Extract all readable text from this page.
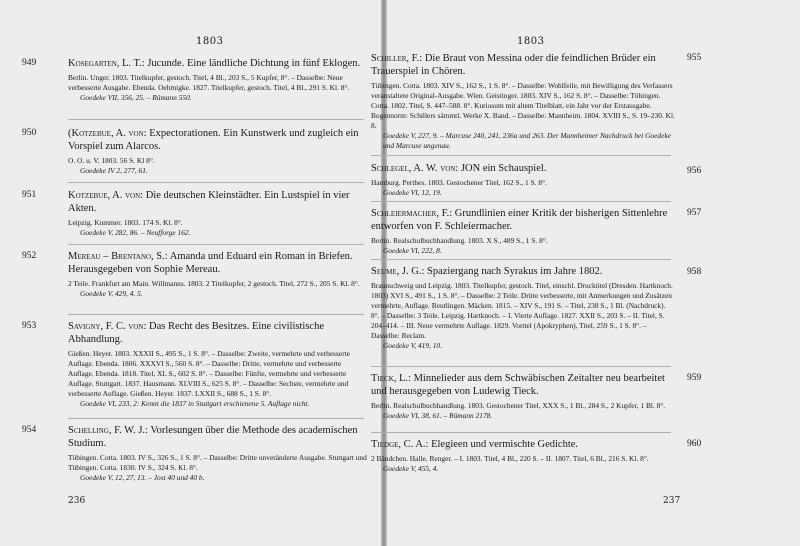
1803
949	Kosegarten, L. T.: Jucunde. Eine ländliche Dichtung in fünf Eklogen.
Berlin. Unger. 1803. Titelkupfer, gestoch. Titel, 4 Bl., 203 S., 5 Kupfer, 8°. – Dasselbe: Neue verbesserte Ausgabe. Ebenda. Oehmigke. 1827. Titelkupfer, gestoch. Titel, 4 Bl., 291 S. Kl. 8°.
Goedeke VII, 356, 25. – Rümann 550.
950	(Kotzebue, A. von: Expectorationen. Ein Kunstwerk und zugleich ein Vorspiel zum Alarcos.
O. O. u. V. 1803. 56 S. Kl 8°.
Goedeke IV 2, 277, 61.
951	Kotzebue, A. von: Die deutschen Kleinstädter. Ein Lustspiel in vier Akten.
Leipzig. Kummer. 1803. 174 S. Kl. 8°.
Goedeke V, 282, 86. – Neufforge 162.
952	Mereau – Brentano, S.: Amanda und Eduard ein Roman in Briefen. Herausgegeben von Sophie Mereau.
2 Teile. Frankfurt am Main. Willmanns. 1803. 2 Titelkupfer, 2 gestoch. Titel, 272 S., 205 S. Kl. 8°.
Goedeke V, 429, 4. 5.
953	Savigny, F. C. von: Das Recht des Besitzes. Eine civilistische Abhandlung.
Gießen. Heyer. 1803. XXXII S., 495 S., 1 S. 8°. – Dasselbe: Zweite, vermehrte und verbesserte Auflage. Ebenda. 1806. XXXVI S., 560 S. 8°. – Dasselbe: Dritte, vermehrte und verbesserte Auflage. Ebenda. 1818. Titel, XL S., 602 S. 8°. – Dasselbe: Fünfte, vermehrte und verbesserte Auflage. Stuttgart. 1837. Hausmann. XLVIII S., 625 S. 8°. – Dasselbe: Sechste, vermehrte und verbesserte Auflage. Gießen. Heyer. 1837. LXXII S., 688 S., 1 S. 8°.
Goedeke VI, 233, 2: Kennt die 1837 in Stuttgart erschienene 5. Auflage nicht.
954	Schelling, F. W. J.: Vorlesungen über die Methode des academischen Studium.
Tübingen. Cotta. 1803. IV S., 326 S., 1 S. 8°. – Dasselbe: Dritte unveränderte Ausgabe. Stuttgart und Tübingen. Cotta. 1830. IV S., 324 S. Kl. 8°.
Goedeke V, 12, 27, 13. – Jost 40 und 40 b.
236
1803
955
Schiller, F.: Die Braut von Messina oder die feindlichen Brüder ein Trauerspiel in Chören.
Tübingen. Cotta. 1803. XIV S., 162 S., 1 S. 8°. – Dasselbe: Wohlfeile, mit Bewilligung des Verfassers veranstaltete Original-Ausgabe. Wien. Geistinger. 1803. XIV S., 162 S. 8°. – Dasselbe: Tübingen. Cotta. 1802. Titel, S. 447–588. 8°. Kuriosum mit altem Titelblatt, ein Jahr vor der Erstausgabe. Bogennorm: Schillers sämmtl. Werke X. Band. – Dasselbe: Mannheim. 1804. XVIII S., S. 19–230. Kl. 8.
Goedeke V, 227, 9. – Marcuse 240, 241, 236a und 263. Der Mannheimer Nachdruck bei Goedeke und Marcuse ungenau.
956
Schlegel, A. W. von: JON ein Schauspiel.
Hamburg. Perthes. 1803. Gestochener Titel, 162 S., 1 S. 8°.
Goedeke VI, 12, 19.
957
Schleiermacher, F.: Grundlinien einer Kritik der bisherigen Sittenlehre entworfen von F. Schleiermacher.
Berlin. Realschulbuchhandlung. 1803. X S., 489 S., 1 S. 8°.
Goedeke VI, 222, 8.
958
Seume, J. G.: Spaziergang nach Syrakus im Jahre 1802.
Braunschweig und Leipzig. 1803. Titelkupfer, gestoch. Titel, einschl. Drucktitel (Dresden. Hartknoch. 1803) XVI S., 491 S., 1 S. 8°. – Dasselbe: 2 Teile. Dritte verbesserte, mit Anmerkungen und Zusätzen vermehrte, Auflage. Reutlingen. Mäcken. 1815. – XIV S., 191 S. – Titel, 238 S., 1 Bl. (Nachdruck). 8°. – Dasselbe: 3 Teile. Leipzig. Hartknoch. – I. Vierte Auflage. 1827. XXII S., 203 S. – II. Titel, S. 204–414. – III. Neue vermehrte Auflage. 1829. Vorttel (Apokryphen), Titel, 259 S., 1 S. 8°. – Dasselbe: Reclam.
Goedeke V, 419, 10.
959
Tieck, L.: Minnelieder aus dem Schwäbischen Zeitalter neu bearbeitet und herausgegeben von Ludewig Tieck.
Berlin. Realschulbuchhandlung. 1803. Gestochener Titel, XXX S., 1 Bl., 284 S., 2 Kupfer, 1 Bl. 8°.
Goedeke VI, 38, 61. – Rümann 2178.
960
Tiedge, C. A.: Elegieen und vermischte Gedichte.
2 Bändchen. Halle. Renger. – I. 1803. Titel, 4 Bl., 220 S. – II. 1807. Titel, 6 Bl., 216 S. Kl. 8°.
Goedeke V, 455, 4.
237
